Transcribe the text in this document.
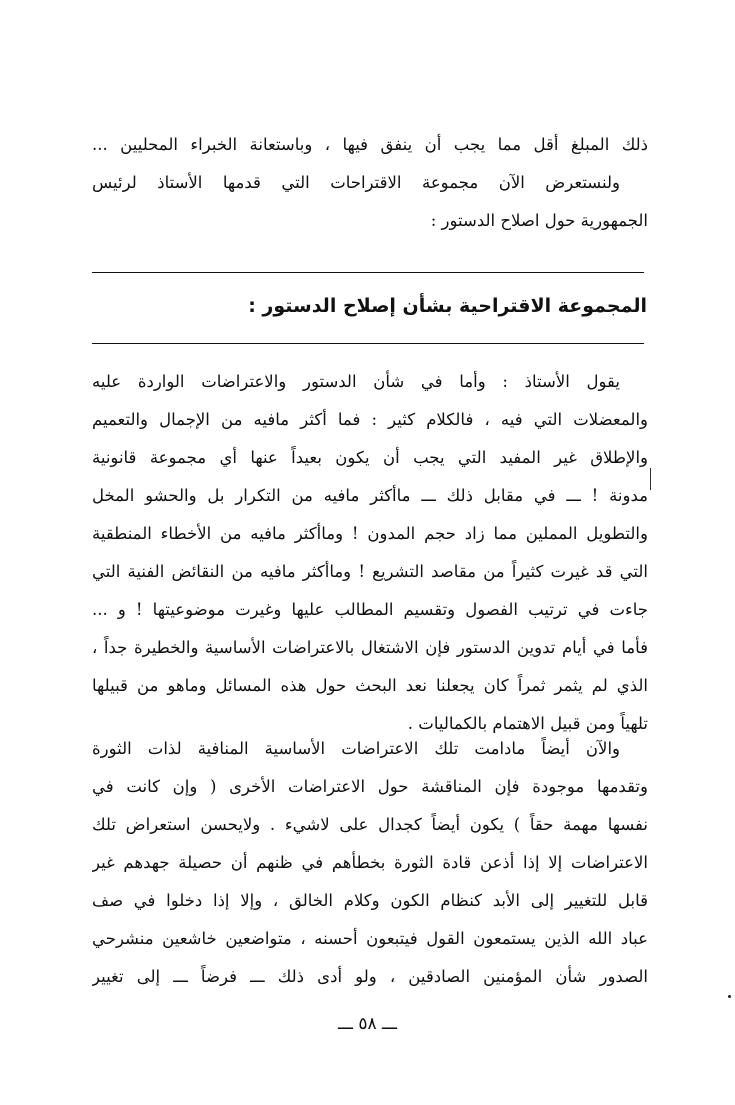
ذلك المبلغ أقل مما يجب أن ينفق فيها ، وباستعانة الخبراء المحليين ...
ولنستعرض الآن مجموعة الاقتراحات التي قدمها الأستاذ لرئيس
الجمهورية حول اصلاح الدستور :
المجموعة الاقتراحية بشأن إصلاح الدستور :
يقول الأستاذ : وأما في شأن الدستور والاعتراضات الواردة عليه
والمعضلات التي فيه ، فالكلام كثير : فما أكثر مافيه من الإجمال والتعميم
والإطلاق غير المفيد التي يجب أن يكون بعيداً عنها أي مجموعة قانونية
مدونة ! ـــ في مقابل ذلك ـــ ماأكثر مافيه من التكرار بل والحشو المخل
والتطويل المملين مما زاد حجم المدون ! وماأكثر مافيه من الأخطاء المنطقية
التي قد غيرت كثيراً من مقاصد التشريع ! وماأكثر مافيه من النقائض الفنية التي
جاءت في ترتيب الفصول وتقسيم المطالب عليها وغيرت موضوعيتها ! و ...
فأما في أيام تدوين الدستور فإن الاشتغال بالاعتراضات الأساسية والخطيرة جداً ،
الذي لم يثمر ثمراً كان يجعلنا نعد البحث حول هذه المسائل وماهو من قبيلها
تلهياً ومن قبيل الاهتمام بالكماليات .
والآن أيضاً مادامت تلك الاعتراضات الأساسية المنافية لذات الثورة
وتقدمها موجودة فإن المناقشة حول الاعتراضات الأخرى ( وإن كانت في
نفسها مهمة حقاً ) يكون أيضاً كجدال على لاشيء . ولايحسن استعراض تلك
الاعتراضات إلا إذا أذعن قادة الثورة بخطأهم في ظنهم أن حصيلة جهدهم غير
قابل للتغيير إلى الأبد كنظام الكون وكلام الخالق ، وإلا إذا دخلوا في صف
عباد الله الذين يستمعون القول فيتبعون أحسنه ، متواضعين خاشعين منشرحي
الصدور شأن المؤمنين الصادقين ، ولو أدى ذلك ـــ فرضاً ـــ إلى تغيير
ـــ ٥٨ ـــ
